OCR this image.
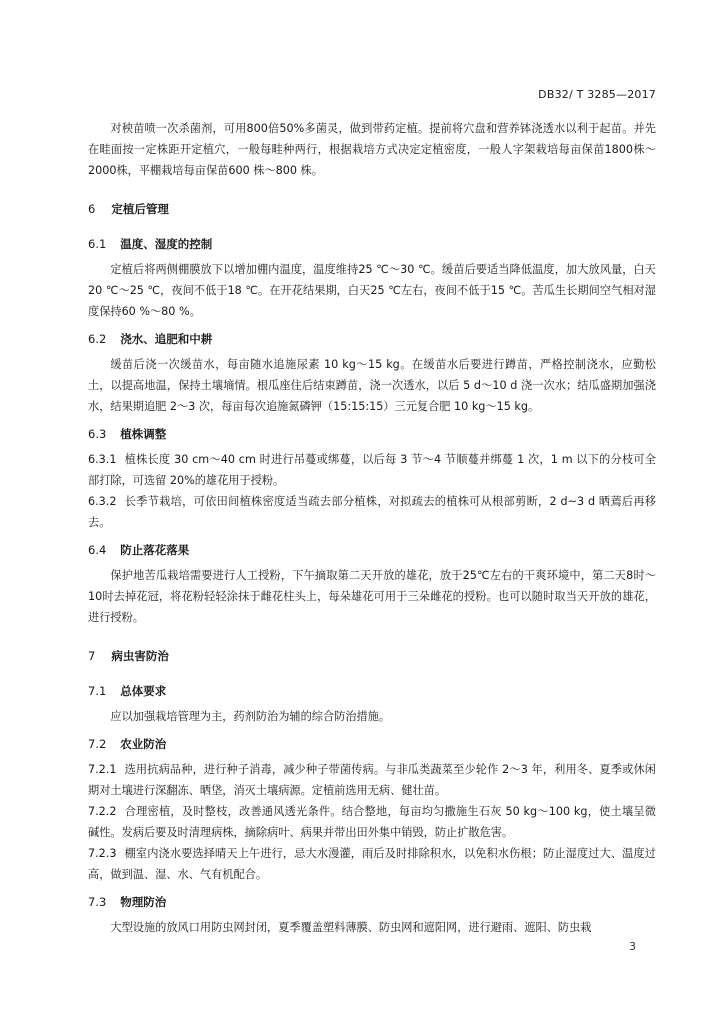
DB32/ T 3285—2017

对秧苗喷一次杀菌剂，可用800倍50%多菌灵，做到带药定植。提前将穴盘和营养钵浇透水以利于起苗。并先在畦面按一定株距开定植穴，一般每畦种两行，根据栽培方式决定定植密度，一般人字架栽培每亩保苗1800株～2000株，平棚栽培每亩保苗600 株～800 株。

6 定植后管理
6.1 温度、湿度的控制

定植后将两侧棚膜放下以增加棚内温度，温度维持25 ℃～30 ℃。缓苗后要适当降低温度，加大放风量，白天20 ℃～25 ℃，夜间不低于18 ℃。在开花结果期，白天25 ℃左右，夜间不低于15 ℃。苦瓜生长期间空气相对湿度保持60 %～80 %。

6.2 浇水、追肥和中耕

缓苗后浇一次缓苗水，每亩随水追施尿素 10 kg～15 kg。在缓苗水后要进行蹲苗，严格控制浇水，应勤松土，以提高地温，保持土壤墒情。根瓜座住后结束蹲苗，浇一次透水，以后 5 d～10 d 浇一次水；结瓜盛期加强浇水，结果期追肥 2～3 次，每亩每次追施氮磷钾（15:15:15）三元复合肥 10 kg～15 kg。

6.3 植株调整

6.3.1 植株长度 30 cm～40 cm 时进行吊蔓或绑蔓，以后每 3 节～4 节顺蔓并绑蔓 1 次，1 m 以下的分枝可全部打除，可选留 20%的雄花用于授粉。

6.3.2 长季节栽培，可依田间植株密度适当疏去部分植株，对拟疏去的植株可从根部剪断，2 d~3 d 晒蔫后再移去。

6.4 防止落花落果

保护地苦瓜栽培需要进行人工授粉，下午摘取第二天开放的雄花，放于25℃左右的干爽环境中，第二天8时～10时去掉花冠，将花粉轻轻涂抹于雌花柱头上，每朵雄花可用于三朵雌花的授粉。也可以随时取当天开放的雄花，进行授粉。

7 病虫害防治
7.1 总体要求

应以加强栽培管理为主，药剂防治为辅的综合防治措施。

7.2 农业防治

7.2.1 选用抗病品种，进行种子消毒，减少种子带菌传病。与非瓜类蔬菜至少轮作 2～3 年，利用冬、夏季或休闲期对土壤进行深翻冻、晒垡，消灭土壤病源。定植前选用无病、健壮苗。

7.2.2 合理密植，及时整枝，改善通风透光条件。结合整地，每亩均匀撒施生石灰 50 kg～100 kg，使土壤呈微碱性。发病后要及时清理病株，摘除病叶、病果并带出田外集中销毁，防止扩散危害。

7.2.3 棚室内浇水要选择晴天上午进行，忌大水漫灌，雨后及时排除积水，以免积水伤根；防止湿度过大、温度过高，做到温、湿、水、气有机配合。

7.3 物理防治

大型设施的放风口用防虫网封闭，夏季覆盖塑料薄膜、防虫网和遮阳网，进行避雨、遮阳、防虫栽

3
